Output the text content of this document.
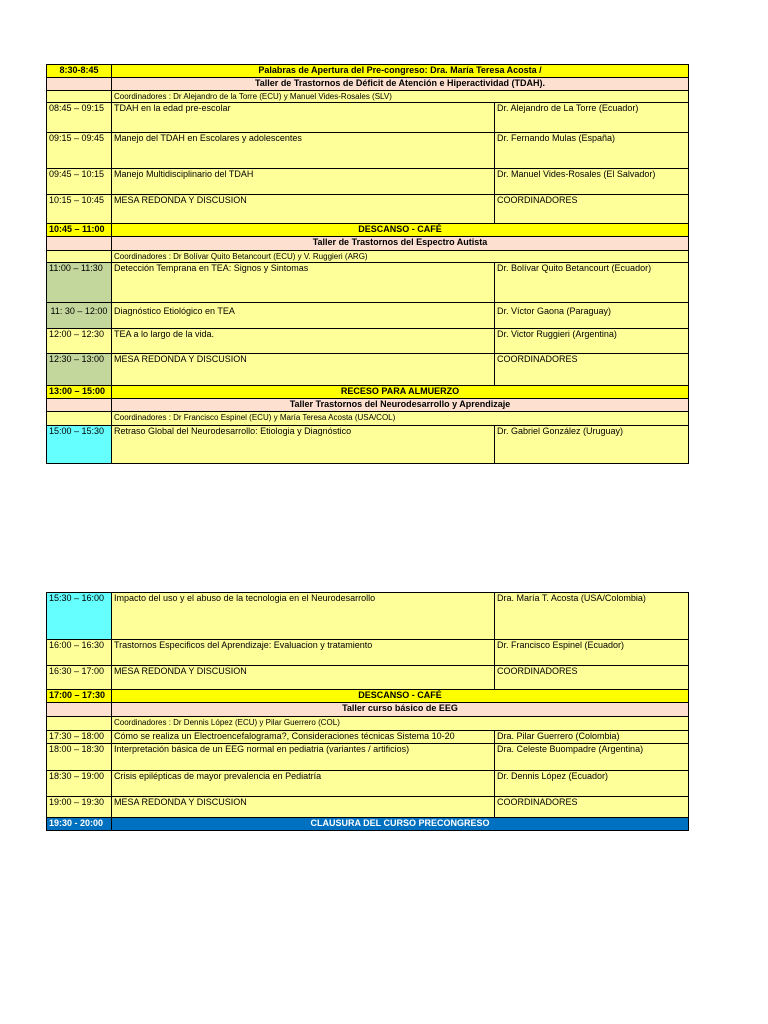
8:30-8:45	Palabras de Apertura del Pre-congreso: Dra. María Teresa Acosta /	
	Taller de Trastornos de Déficit de Atención e Hiperactividad (TDAH).	
	Coordinadores : Dr Alejandro de la Torre (ECU) y Manuel Vides-Rosales (SLV)	
08:45 – 09:15	TDAH en la edad pre-escolar	Dr. Alejandro de La Torre (Ecuador)
09:15 – 09:45	Manejo del TDAH en Escolares y adolescentes	Dr. Fernando Mulas (España)
09:45 – 10:15	Manejo Multidisciplinario del TDAH	Dr. Manuel Vides-Rosales (El Salvador)
10:15 – 10:45	MESA REDONDA Y DISCUSION	COORDINADORES
10:45 – 11:00	DESCANSO - CAFÉ	
	Taller de Trastornos del Espectro Autista	
	Coordinadores : Dr Bolívar Quito Betancourt (ECU) y V. Ruggieri (ARG)	
11:00 – 11:30	Detección Temprana en TEA: Signos y Sintomas	Dr. Bolívar Quito Betancourt (Ecuador)
11: 30 – 12:00	Diagnóstico Etiológico en TEA	Dr. Víctor Gaona (Paraguay)
12:00 – 12:30	TEA a lo largo de la vida.	Dr. Victor Ruggieri (Argentina)
12:30 – 13:00	MESA REDONDA Y DISCUSION	COORDINADORES
13:00 – 15:00	RECESO PARA ALMUERZO	
	Taller Trastornos del Neurodesarrollo y Aprendizaje	
	Coordinadores : Dr Francisco Espinel (ECU) y María Teresa Acosta (USA/COL)	
15:00 – 15:30	Retraso Global del Neurodesarrollo: Etiologia y Diagnóstico	Dr. Gabriel González (Uruguay)
15:30 – 16:00	Impacto del uso y el abuso de la tecnologia en el Neurodesarrollo	Dra. María T. Acosta (USA/Colombia)
16:00 – 16:30	Trastornos Especificos del Aprendizaje: Evaluacion y tratamiento	Dr. Francisco Espinel (Ecuador)
16:30 – 17:00	MESA REDONDA Y DISCUSION	COORDINADORES
17:00 – 17:30	DESCANSO - CAFÉ	
	Taller curso básico de EEG	
	Coordinadores : Dr Dennis López (ECU) y Pilar Guerrero (COL)	
17:30 – 18:00	Cómo se realiza un Electroencefalograma?, Consideraciones técnicas Sistema 10-20	Dra. Pilar Guerrero (Colombia)
18:00 – 18:30	Interpretación básica de un EEG normal en pediatria (variantes / artificios)	Dra. Celeste Buompadre (Argentina)
18:30 – 19:00	Crisis epilépticas de mayor prevalencia en Pediatría	Dr. Dennis López (Ecuador)
19:00 – 19:30	MESA REDONDA Y DISCUSION	COORDINADORES
19:30 - 20:00	CLAUSURA DEL CURSO PRECONGRESO	
